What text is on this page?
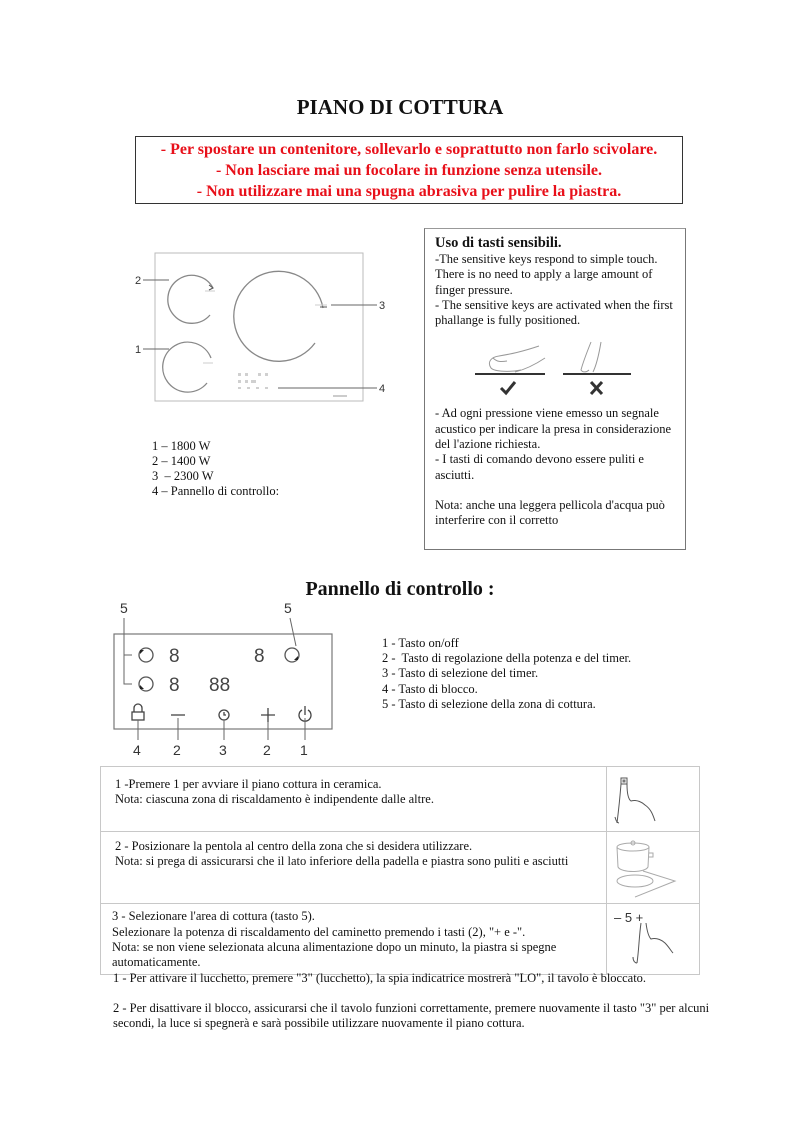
PIANO DI COTTURA
- Per spostare un contenitore, sollevarlo e soprattutto non farlo scivolare.
- Non lasciare mai un focolare in funzione senza utensile.
- Non utilizzare mai una spugna abrasiva per pulire la piastra.
2
1
3
4
1 – 1800 W
2 – 1400 W
3  – 2300 W
4 – Pannello di controllo:
Uso di tasti sensibili.
-The sensitive keys respond to simple touch. There is no need to apply a large amount of finger pressure.
- The sensitive keys are activated when the first phallange is fully positioned.
- Ad ogni pressione viene emesso un segnale acustico per indicare la presa in considerazione del l'azione richiesta.
- I tasti di comando devono essere puliti e asciutti.
Nota: anche una leggera pellicola d'acqua può interferire con il corretto
Pannello di controllo :
5	5
8	8
8 88
4 2	3	2 1
1 - Tasto on/off
2 -  Tasto di regolazione della potenza e del timer.
3 - Tasto di selezione del timer.
4 - Tasto di blocco.
5 - Tasto di selezione della zona di cottura.
1 -Premere 1 per avviare il piano cottura in ceramica.
Nota: ciascuna zona di riscaldamento è indipendente dalle altre.

2 - Posizionare la pentola al centro della zona che si desidera utilizzare.
Nota: si prega di assicurarsi che il lato inferiore della padella e piastra sono puliti e asciutti

3 - Selezionare l'area di cottura (tasto 5).
Selezionare la potenza di riscaldamento del caminetto premendo i tasti (2), "+ e -".
Nota: se non viene selezionata alcuna alimentazione dopo un minuto, la piastra si spegne automaticamente.	– 5 +

1 - Per attivare il lucchetto, premere "3" (lucchetto), la spia indicatrice mostrerà "LO", il tavolo è bloccato.

2 - Per disattivare il blocco, assicurarsi che il tavolo funzioni correttamente, premere nuovamente il tasto "3" per alcuni secondi, la luce si spegnerà e sarà possibile utilizzare nuovamente il piano cottura.
